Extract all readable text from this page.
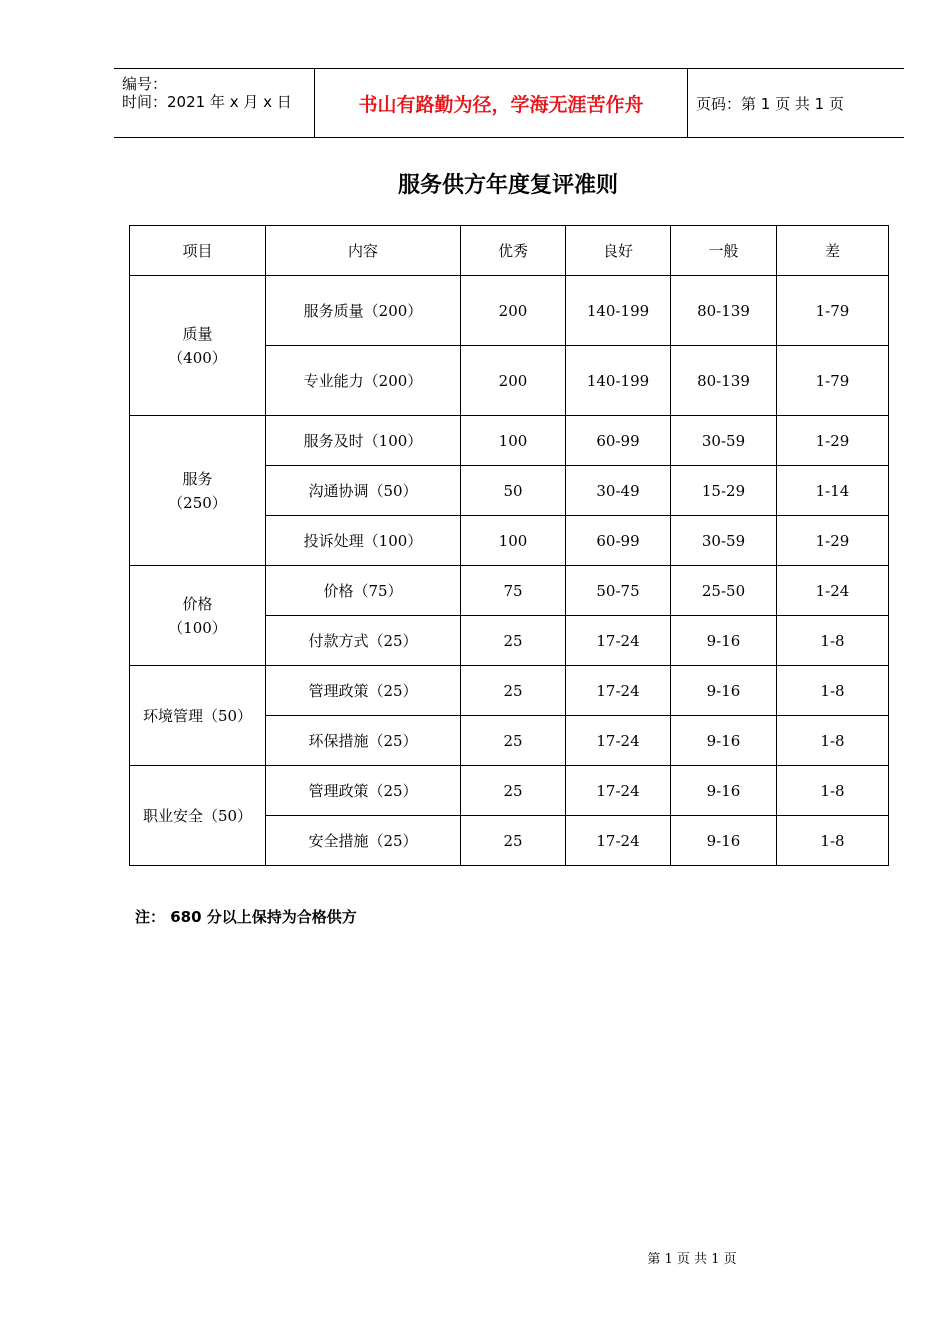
编号：
时间：2021 年 x 月 x 日	书山有路勤为径，学海无涯苦作舟	页码：第 1 页 共 1 页
服务供方年度复评准则
项目	内容	优秀	良好	一般	差
质量
（400）	服务质量（200）	200	140-199	80-139	1-79
	专业能力（200）	200	140-199	80-139	1-79
服务
（250）	服务及时（100）	100	60-99	30-59	1-29
	沟通协调（50）	50	30-49	15-29	1-14
	投诉处理（100）	100	60-99	30-59	1-29
价格
（100）	价格（75）	75	50-75	25-50	1-24
	付款方式（25）	25	17-24	9-16	1-8
环境管理（50）	管理政策（25）	25	17-24	9-16	1-8
	环保措施（25）	25	17-24	9-16	1-8
职业安全（50）	管理政策（25）	25	17-24	9-16	1-8
	安全措施（25）	25	17-24	9-16	1-8
注： 680 分以上保持为合格供方
第 1 页 共 1 页
